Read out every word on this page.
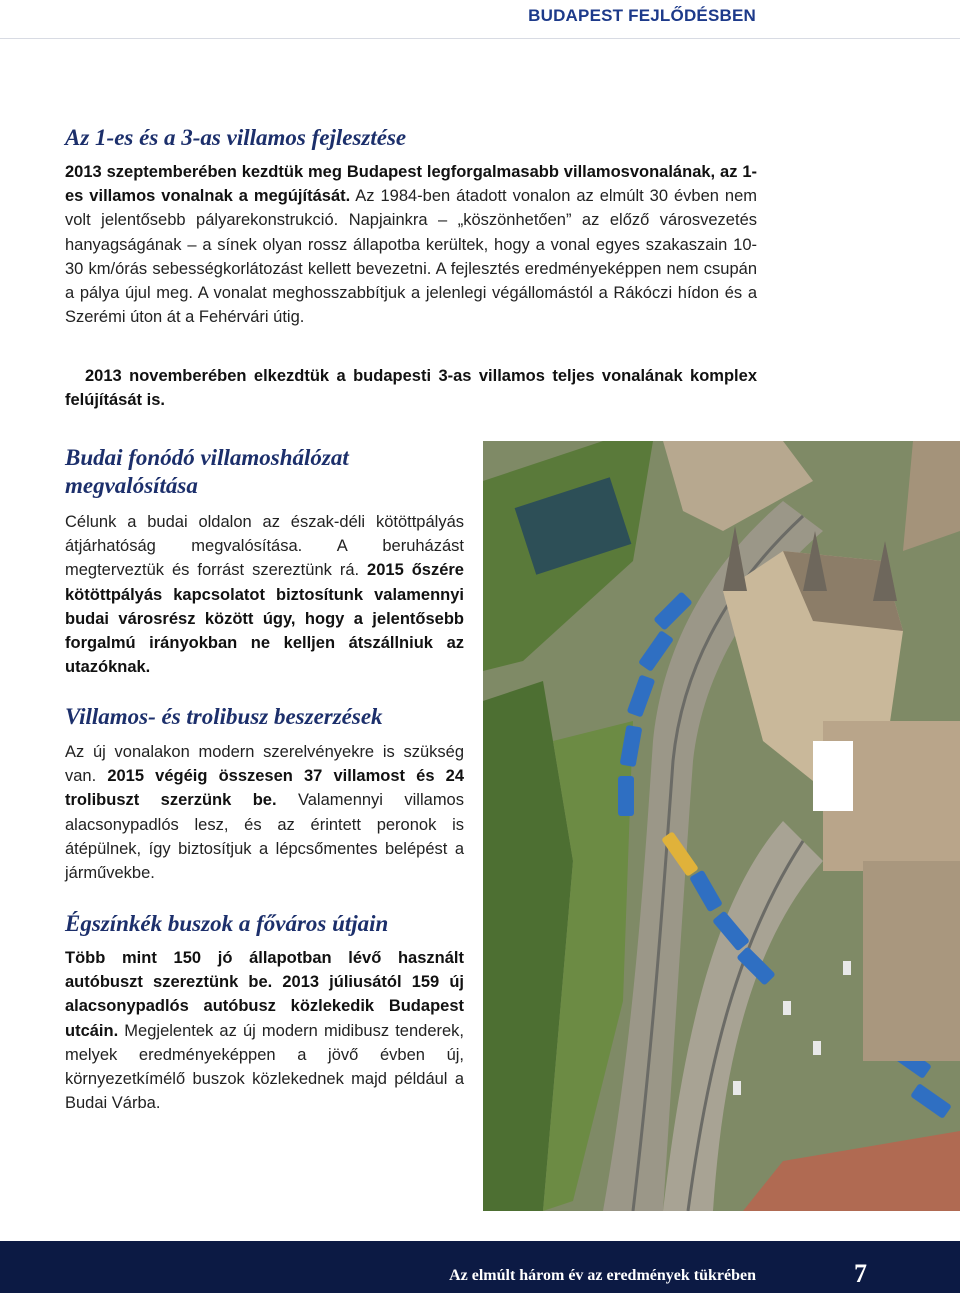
BUDAPEST FEJLŐDÉSBEN
Az 1-es és a 3-as villamos fejlesztése

2013 szeptemberében kezdtük meg Budapest legforgalmasabb villamosvonalának, az 1-es villamos vonalnak a megújítását. Az 1984-ben átadott vonalon az elmúlt 30 évben nem volt jelentősebb pályarekonstrukció. Napjainkra – „köszönhetően” az előző városvezetés hanyagságának – a sínek olyan rossz állapotba kerültek, hogy a vonal egyes szakaszain 10-30 km/órás sebességkorlátozást kellett bevezetni. A fejlesztés eredményeképpen nem csupán a pálya újul meg. A vonalat meghosszabbítjuk a jelenlegi végállomástól a Rákóczi hídon és a Szerémi úton át a Fehérvári útig.

2013 novemberében elkezdtük a budapesti 3-as villamos teljes vonalának komplex felújítását is.

Budai fonódó villamoshálózat megvalósítása

Célunk a budai oldalon az észak-déli kötöttpályás átjárhatóság megvalósítása. A beruházást megterveztük és forrást szereztünk rá. 2015 őszére kötöttpályás kapcsolatot biztosítunk valamennyi budai városrész között úgy, hogy a jelentősebb forgalmú irányokban ne kelljen átszállniuk az utazóknak.

Villamos- és trolibusz beszerzések

Az új vonalakon modern szerelvényekre is szükség van. 2015 végéig összesen 37 villamost és 24 trolibuszt szerzünk be. Valamennyi villamos alacsonypadlós lesz, és az érintett peronok is átépülnek, így biztosítjuk a lépcsőmentes belépést a járművekbe.

Égszínkék buszok a főváros útjain

Több mint 150 jó állapotban lévő használt autóbuszt szereztünk be. 2013 júliusától 159 új alacsonypadlós autóbusz közlekedik Budapest utcáin. Megjelentek az új modern midibusz tenderek, melyek eredményeképpen a jövő évben új, környezetkímélő buszok közlekednek majd például a Budai Várba.

Az elmúlt három év az eredmények tükrében	7
